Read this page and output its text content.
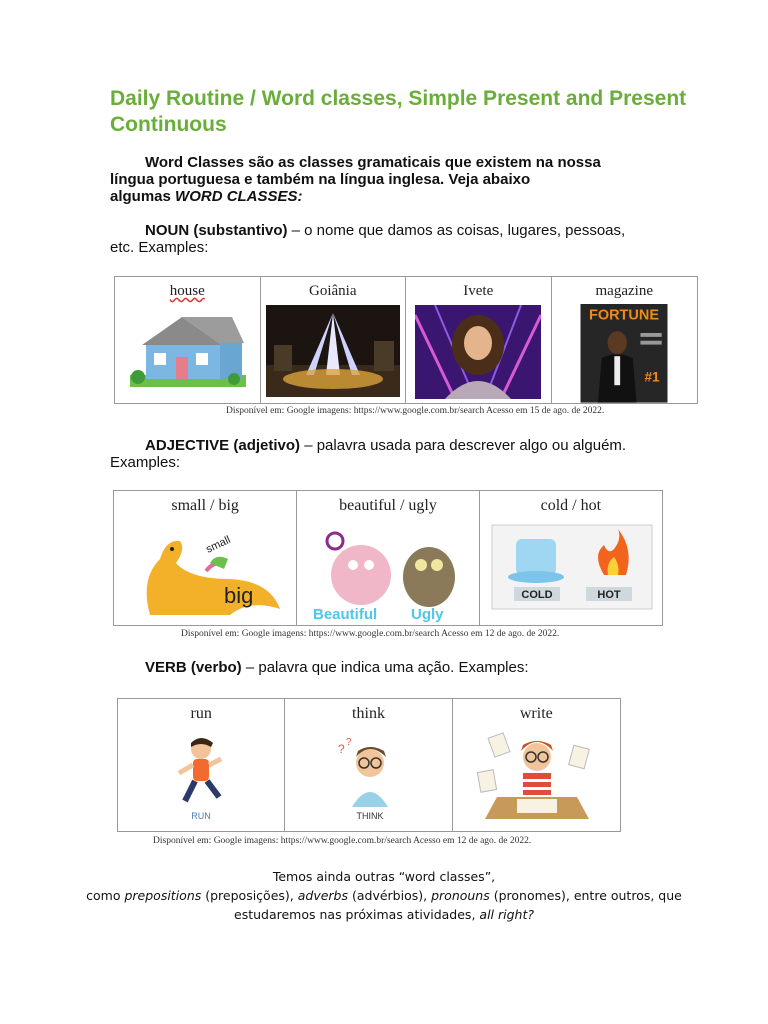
Daily Routine / Word classes, Simple Present and Present Continuous
Word Classes são as classes gramaticais que existem na nossa
língua portuguesa e também na língua inglesa. Veja abaixo
algumas WORD CLASSES:
NOUN (substantivo) – o nome que damos as coisas, lugares, pessoas,
etc. Examples:
house	Goiânia	Ivete	magazine
FORTUNE
#1
Disponível em: Google imagens: https://www.google.com.br/search Acesso em 15 de ago. de 2022.
ADJECTIVE (adjetivo) – palavra usada para descrever algo ou alguém.
Examples:
small / big
small
big
beautiful / ugly
Beautiful Ugly
cold / hot
COLD	HOT
Disponível em: Google imagens: https://www.google.com.br/search Acesso em 12 de ago. de 2022.
VERB (verbo) – palavra que indica uma ação. Examples:
run
RUN
think
? ?
THINK
write
Disponível em: Google imagens: https://www.google.com.br/search Acesso em 12 de ago. de 2022.
Temos ainda outras “word classes”,
como prepositions (preposições), adverbs (advérbios), pronouns (pronomes), entre outros, que
estudaremos nas próximas atividades, all right?
